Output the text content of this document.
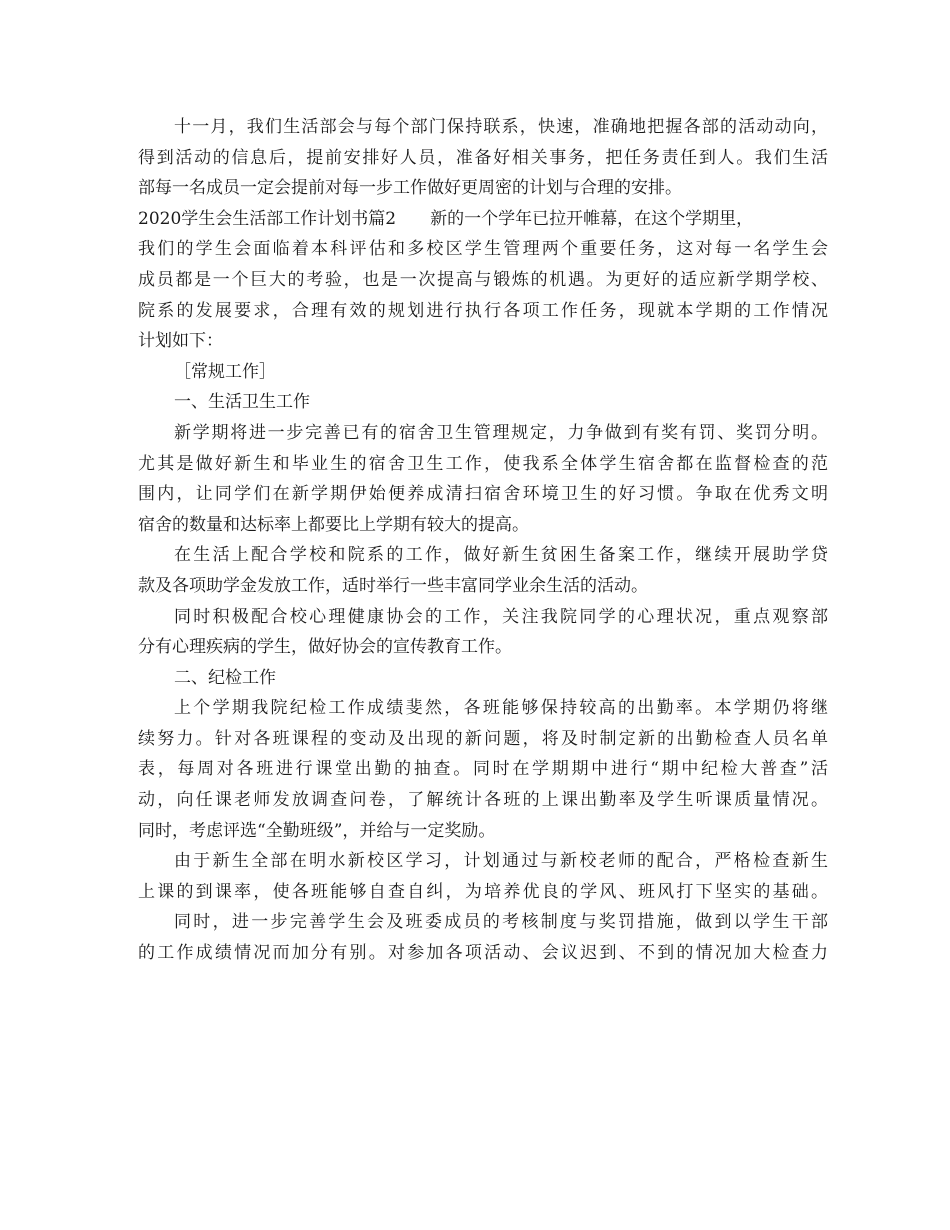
十一月，我们生活部会与每个部门保持联系，快速，准确地把握各部的活动动向，
得到活动的信息后，提前安排好人员，准备好相关事务，把任务责任到人。我们生活
部每一名成员一定会提前对每一步工作做好更周密的计划与合理的安排。
2020学生会生活部工作计划书篇2　　新的一个学年已拉开帷幕，在这个学期里，
我们的学生会面临着本科评估和多校区学生管理两个重要任务，这对每一名学生会
成员都是一个巨大的考验，也是一次提高与锻炼的机遇。为更好的适应新学期学校、
院系的发展要求，合理有效的规划进行执行各项工作任务，现就本学期的工作情况
计划如下：
［常规工作］
一、生活卫生工作
新学期将进一步完善已有的宿舍卫生管理规定，力争做到有奖有罚、奖罚分明。
尤其是做好新生和毕业生的宿舍卫生工作，使我系全体学生宿舍都在监督检查的范
围内，让同学们在新学期伊始便养成清扫宿舍环境卫生的好习惯。争取在优秀文明
宿舍的数量和达标率上都要比上学期有较大的提高。
在生活上配合学校和院系的工作，做好新生贫困生备案工作，继续开展助学贷
款及各项助学金发放工作，适时举行一些丰富同学业余生活的活动。
同时积极配合校心理健康协会的工作，关注我院同学的心理状况，重点观察部
分有心理疾病的学生，做好协会的宣传教育工作。
二、纪检工作
上个学期我院纪检工作成绩斐然，各班能够保持较高的出勤率。本学期仍将继
续努力。针对各班课程的变动及出现的新问题，将及时制定新的出勤检查人员名单
表，每周对各班进行课堂出勤的抽查。同时在学期期中进行“期中纪检大普查”活
动，向任课老师发放调查问卷，了解统计各班的上课出勤率及学生听课质量情况。
同时，考虑评选“全勤班级”，并给与一定奖励。
由于新生全部在明水新校区学习，计划通过与新校老师的配合，严格检查新生
上课的到课率，使各班能够自查自纠，为培养优良的学风、班风打下坚实的基础。
同时，进一步完善学生会及班委成员的考核制度与奖罚措施，做到以学生干部
的工作成绩情况而加分有别。对参加各项活动、会议迟到、不到的情况加大检查力
